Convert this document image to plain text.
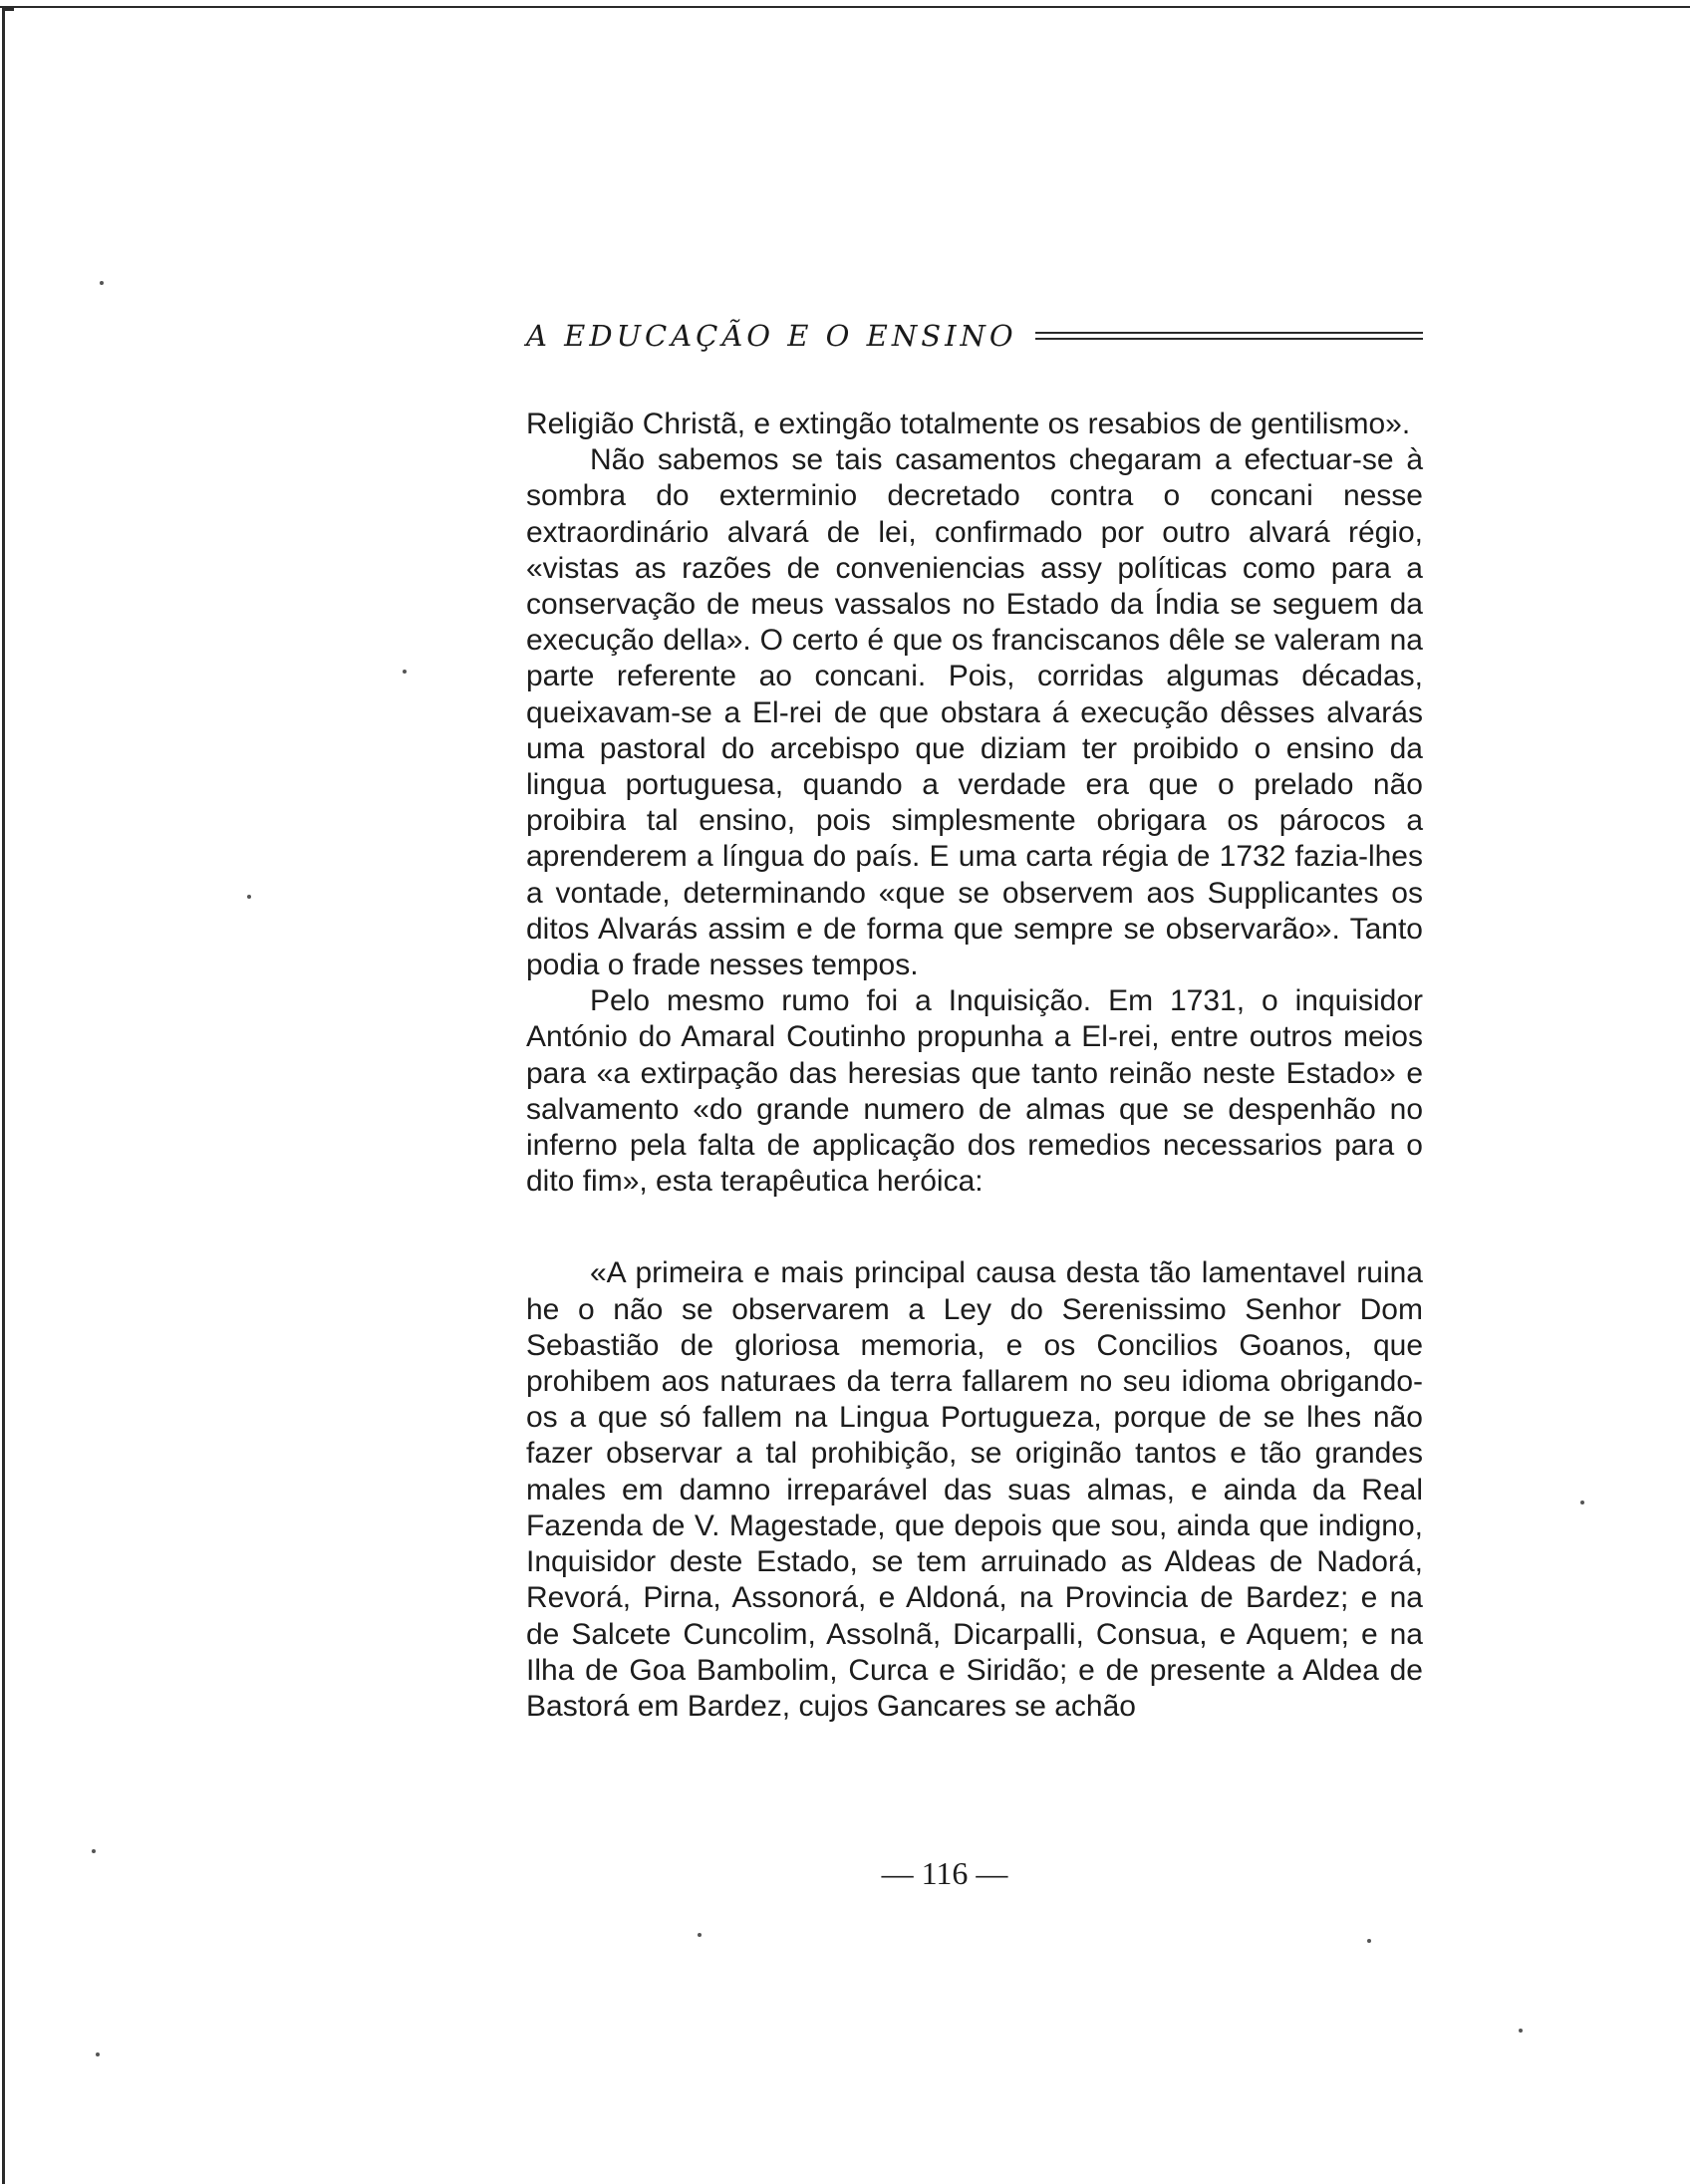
A EDUCAÇÃO E O ENSINO

Religião Christã, e extingão totalmente os resabios de gentilismo».

Não sabemos se tais casamentos chegaram a efectuar-se à sombra do exterminio decretado contra o concani nesse extraordinário alvará de lei, confirmado por outro alvará régio, «vistas as razões de conveniencias assy políticas como para a conservação de meus vassalos no Estado da Índia se seguem da execução della». O certo é que os franciscanos dêle se valeram na parte referente ao concani. Pois, corridas algumas décadas, queixavam-se a El-rei de que obstara á execução dêsses alvarás uma pastoral do arcebispo que diziam ter proibido o ensino da lingua portuguesa, quando a verdade era que o prelado não proibira tal ensino, pois simplesmente obrigara os párocos a aprenderem a língua do país. E uma carta régia de 1732 fazia-lhes a vontade, determinando «que se observem aos Supplicantes os ditos Alvarás assim e de forma que sempre se observarão». Tanto podia o frade nesses tempos.

Pelo mesmo rumo foi a Inquisição. Em 1731, o inquisidor António do Amaral Coutinho propunha a El-rei, entre outros meios para «a extirpação das heresias que tanto reinão neste Estado» e salvamento «do grande numero de almas que se despenhão no inferno pela falta de applicação dos remedios necessarios para o dito fim», esta terapêutica heróica:

«A primeira e mais principal causa desta tão lamentavel ruina he o não se observarem a Ley do Serenissimo Senhor Dom Sebastião de gloriosa memoria, e os Concilios Goanos, que prohibem aos naturaes da terra fallarem no seu idioma obrigando-os a que só fallem na Lingua Portugueza, porque de se lhes não fazer observar a tal prohibição, se originão tantos e tão grandes males em damno irreparável das suas almas, e ainda da Real Fazenda de V. Magestade, que depois que sou, ainda que indigno, Inquisidor deste Estado, se tem arruinado as Aldeas de Nadorá, Revorá, Pirna, Assonorá, e Aldoná, na Provincia de Bardez; e na de Salcete Cuncolim, Assolnã, Dicarpalli, Consua, e Aquem; e na Ilha de Goa Bambolim, Curca e Siridão; e de presente a Aldea de Bastorá em Bardez, cujos Gancares se achão

— 116 —
